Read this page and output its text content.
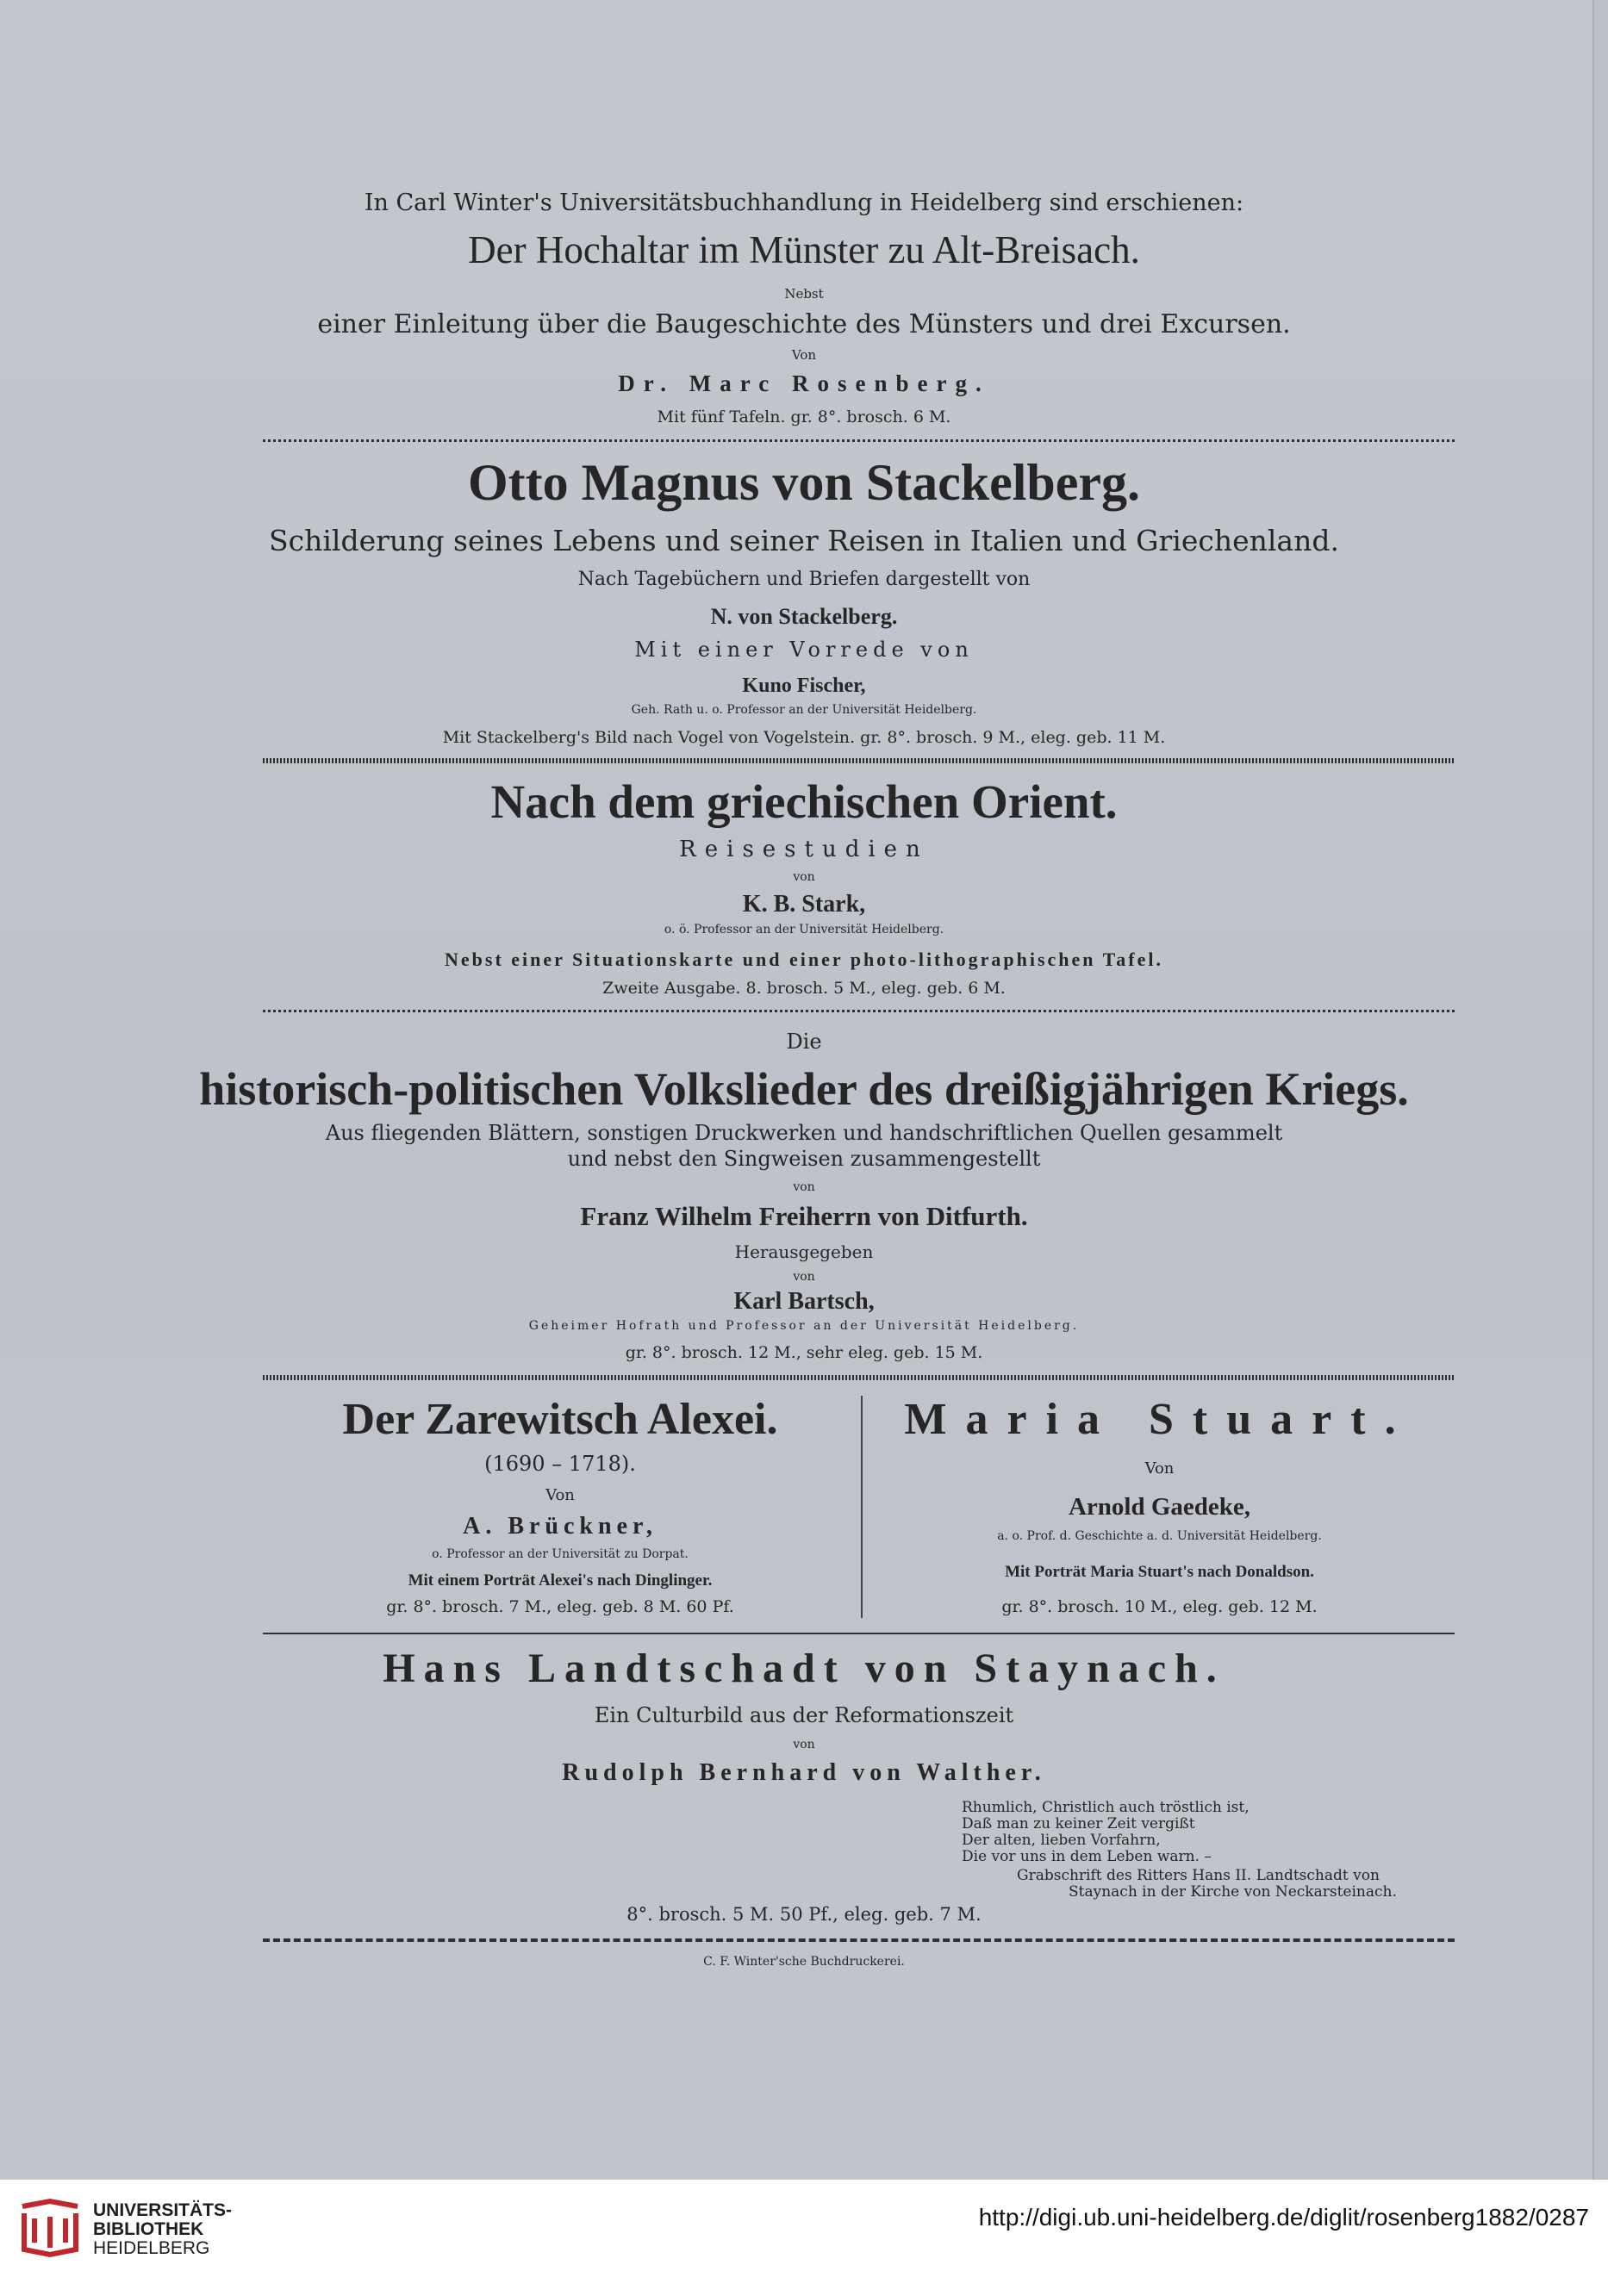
In Carl Winter's Universitätsbuchhandlung in Heidelberg sind erschienen:
Der Hochaltar im Münster zu Alt-Breisach.
Nebst
einer Einleitung über die Baugeschichte des Münsters und drei Excursen.
Von
Dr. Marc Rosenberg.
Mit fünf Tafeln. gr. 8°. brosch. 6 M.
Otto Magnus von Stackelberg.
Schilderung seines Lebens und seiner Reisen in Italien und Griechenland.
Nach Tagebüchern und Briefen dargestellt von
N. von Stackelberg.
Mit einer Vorrede von
Kuno Fischer,
Geh. Rath u. o. Professor an der Universität Heidelberg.
Mit Stackelberg's Bild nach Vogel von Vogelstein. gr. 8°. brosch. 9 M., eleg. geb. 11 M.
Nach dem griechischen Orient.
Reisestudien
von
K. B. Stark,
o. ö. Professor an der Universität Heidelberg.
Nebst einer Situationskarte und einer photo-lithographischen Tafel.
Zweite Ausgabe. 8. brosch. 5 M., eleg. geb. 6 M.
Die
historisch-politischen Volkslieder des dreißigjährigen Kriegs.
Aus fliegenden Blättern, sonstigen Druckwerken und handschriftlichen Quellen gesammelt
und nebst den Singweisen zusammengestellt
von
Franz Wilhelm Freiherrn von Ditfurth.
Herausgegeben
von
Karl Bartsch,
Geheimer Hofrath und Professor an der Universität Heidelberg.
gr. 8°. brosch. 12 M., sehr eleg. geb. 15 M.
Der Zarewitsch Alexei.
(1690 – 1718).
Von
A. Brückner,
o. Professor an der Universität zu Dorpat.
Mit einem Porträt Alexei's nach Dinglinger.
gr. 8°. brosch. 7 M., eleg. geb. 8 M. 60 Pf.
Maria Stuart.
Von
Arnold Gaedeke,
a. o. Prof. d. Geschichte a. d. Universität Heidelberg.
Mit Porträt Maria Stuart's nach Donaldson.
gr. 8°. brosch. 10 M., eleg. geb. 12 M.
Hans Landtschadt von Staynach.
Ein Culturbild aus der Reformationszeit
von
Rudolph Bernhard von Walther.
Rhumlich, Christlich auch tröstlich ist,
Daß man zu keiner Zeit vergißt
Der alten, lieben Vorfahrn,
Die vor uns in dem Leben warn. –
Grabschrift des Ritters Hans II. Landtschadt von
Staynach in der Kirche von Neckarsteinach.
8°. brosch. 5 M. 50 Pf., eleg. geb. 7 M.
C. F. Winter'sche Buchdruckerei.
UNIVERSITÄTS-
BIBLIOTHEK
HEIDELBERG
http://digi.ub.uni-heidelberg.de/diglit/rosenberg1882/0287
